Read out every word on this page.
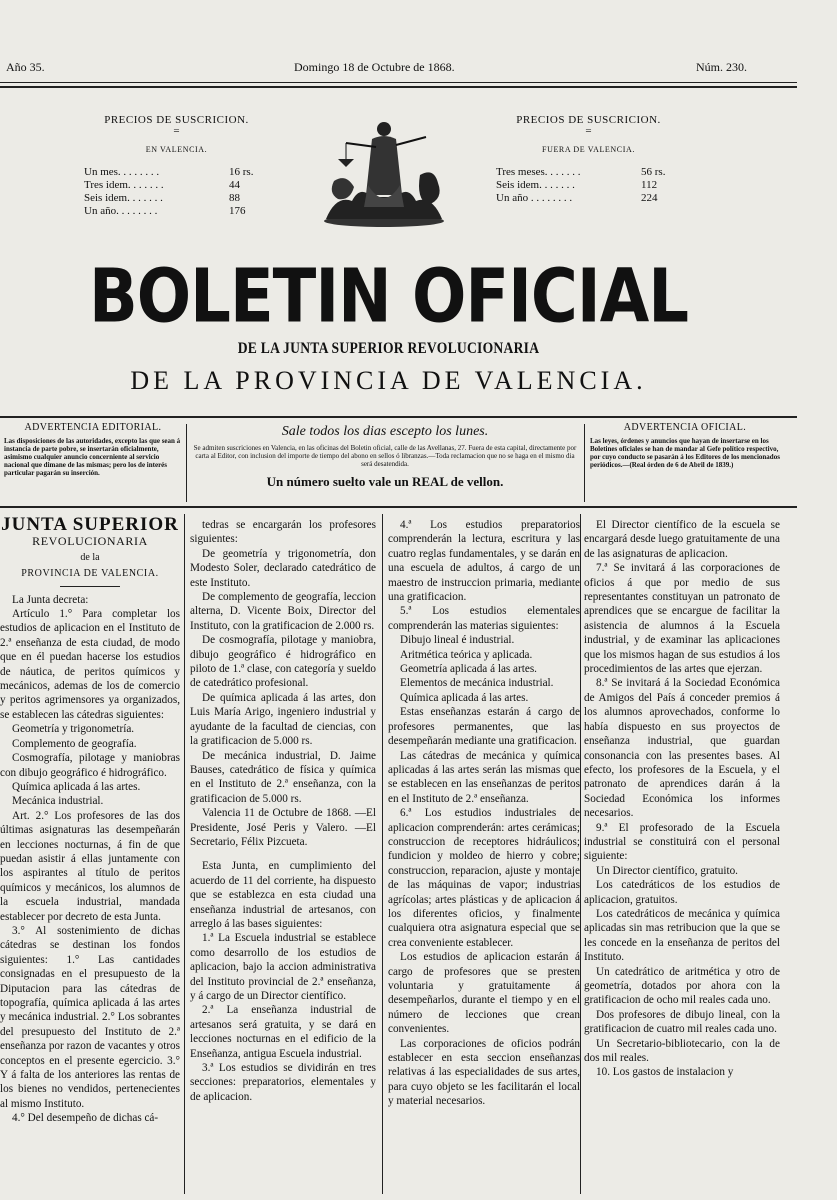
Año 35.	Domingo 18 de Octubre de 1868.	Núm. 230.
PRECIOS DE SUSCRICION.
=
EN VALENCIA.
Un mes. . . . . . . .	16 rs.
Tres idem. . . . . . .	44
Seis idem. . . . . . .	88
Un año. . . . . . . .	176
PRECIOS DE SUSCRICION.
=
FUERA DE VALENCIA.
Tres meses. . . . . . .	56 rs.
Seis idem. . . . . . .	112
Un año . . . . . . . .	224
BOLETIN OFICIAL
DE LA JUNTA SUPERIOR REVOLUCIONARIA
DE LA PROVINCIA DE VALENCIA.
ADVERTENCIA EDITORIAL.
Las disposiciones de las autoridades, excepto las que sean á instancia de parte pobre, se insertarán oficialmente, asimismo cualquier anuncio concerniente al servicio nacional que dimane de las mismas; pero los de interés particular pagarán su inserción.
Sale todos los dias escepto los lunes.
Se admiten suscriciones en Valencia, en las oficinas del Boletin oficial, calle de las Avellanas, 27. Fuera de esta capital, directamente por carta al Editor, con inclusion del importe de tiempo del abono en sellos ó libranzas.—Toda reclamacion que no se haga en el mismo dia será desatendida.
Un número suelto vale un REAL de vellon.
ADVERTENCIA OFICIAL.
Las leyes, órdenes y anuncios que hayan de insertarse en los Boletines oficiales se han de mandar al Gefe político respectivo, por cuyo conducto se pasarán á los Editores de los mencionados periódicos.—(Real órden de 6 de Abril de 1839.)
JUNTA SUPERIOR
REVOLUCIONARIA
de la
PROVINCIA DE VALENCIA.

La Junta decreta:

Artículo 1.° Para completar los estudios de aplicacion en el Instituto de 2.ª enseñanza de esta ciudad, de modo que en él puedan hacerse los estudios de náutica, de peritos químicos y mecánicos, ademas de los de comercio y peritos agrimensores ya organizados, se establecen las cátedras siguientes:

Geometría y trigonometría.

Complemento de geografía.

Cosmografía, pilotage y maniobras con dibujo geográfico é hidrográfico.

Química aplicada á las artes.

Mecánica industrial.

Art. 2.° Los profesores de las dos últimas asignaturas las desempeñarán en lecciones nocturnas, á fin de que puedan asistir á ellas juntamente con los aspirantes al título de peritos químicos y mecánicos, los alumnos de la escuela industrial, mandada establecer por decreto de esta Junta.

3.° Al sostenimiento de dichas cátedras se destinan los fondos siguientes: 1.° Las cantidades consignadas en el presupuesto de la Diputacion para las cátedras de topografía, química aplicada á las artes y mecánica industrial. 2.° Los sobrantes del presupuesto del Instituto de 2.ª enseñanza por razon de vacantes y otros conceptos en el presente egercicio. 3.° Y á falta de los anteriores las rentas de los bienes no vendidos, pertenecientes al mismo Instituto.

4.° Del desempeño de dichas cá-

tedras se encargarán los profesores siguientes:

De geometría y trigonometría, don Modesto Soler, declarado catedrático de este Instituto.

De complemento de geografía, leccion alterna, D. Vicente Boix, Director del Instituto, con la gratificacion de 2.000 rs.

De cosmografía, pilotage y maniobra, dibujo geográfico é hidrográfico en piloto de 1.ª clase, con categoría y sueldo de catedrático profesional.

De química aplicada á las artes, don Luis María Arigo, ingeniero industrial y ayudante de la facultad de ciencias, con la gratificacion de 5.000 rs.

De mecánica industrial, D. Jaime Bauses, catedrático de física y química en el Instituto de 2.ª enseñanza, con la gratificacion de 5.000 rs.

Valencia 11 de Octubre de 1868. —El Presidente, José Peris y Valero. —El Secretario, Félix Pizcueta.

Esta Junta, en cumplimiento del acuerdo de 11 del corriente, ha dispuesto que se establezca en esta ciudad una enseñanza industrial de artesanos, con arreglo á las bases siguientes:

1.ª La Escuela industrial se establece como desarrollo de los estudios de aplicacion, bajo la accion administrativa del Instituto provincial de 2.ª enseñanza, y á cargo de un Director científico.

2.ª La enseñanza industrial de artesanos será gratuita, y se dará en lecciones nocturnas en el edificio de la Enseñanza, antigua Escuela industrial.

3.ª Los estudios se dividirán en tres secciones: preparatorios, elementales y de aplicacion.

4.ª Los estudios preparatorios comprenderán la lectura, escritura y las cuatro reglas fundamentales, y se darán en una escuela de adultos, á cargo de un maestro de instruccion primaria, mediante una gratificacion.

5.ª Los estudios elementales comprenderán las materias siguientes:

Dibujo lineal é industrial.

Aritmética teórica y aplicada.

Geometría aplicada á las artes.

Elementos de mecánica industrial.

Química aplicada á las artes.

Estas enseñanzas estarán á cargo de profesores permanentes, que las desempeñarán mediante una gratificacion.

Las cátedras de mecánica y química aplicadas á las artes serán las mismas que se establecen en las enseñanzas de peritos en el Instituto de 2.ª enseñanza.

6.ª Los estudios industriales de aplicacion comprenderán: artes cerámicas; construccion de receptores hidráulicos; fundicion y moldeo de hierro y cobre; construccion, reparacion, ajuste y montaje de las máquinas de vapor; industrias agrícolas; artes plásticas y de aplicacion á los diferentes oficios, y finalmente cualquiera otra asignatura especial que se crea conveniente establecer.

Los estudios de aplicacion estarán á cargo de profesores que se presten voluntaria y gratuitamente á desempeñarlos, durante el tiempo y en el número de lecciones que crean convenientes.

Las corporaciones de oficios podrán establecer en esta seccion enseñanzas relativas á las especialidades de sus artes, para cuyo objeto se les facilitarán el local y material necesarios.

El Director científico de la escuela se encargará desde luego gratuitamente de una de las asignaturas de aplicacion.

7.ª Se invitará á las corporaciones de oficios á que por medio de sus representantes constituyan un patronato de aprendices que se encargue de facilitar la asistencia de alumnos á la Escuela industrial, y de examinar las aplicaciones que los mismos hagan de sus estudios á los procedimientos de las artes que ejerzan.

8.ª Se invitará á la Sociedad Económica de Amigos del País á conceder premios á los alumnos aprovechados, conforme lo había dispuesto en sus proyectos de enseñanza industrial, que guardan consonancia con las presentes bases. Al efecto, los profesores de la Escuela, y el patronato de aprendices darán á la Sociedad Económica los informes necesarios.

9.ª El profesorado de la Escuela industrial se constituirá con el personal siguiente:

Un Director científico, gratuito.

Los catedráticos de los estudios de aplicacion, gratuitos.

Los catedráticos de mecánica y química aplicadas sin mas retribucion que la que se les concede en la enseñanza de peritos del Instituto.

Un catedrático de aritmética y otro de geometría, dotados por ahora con la gratificacion de ocho mil reales cada uno.

Dos profesores de dibujo lineal, con la gratificacion de cuatro mil reales cada uno.

Un Secretario-bibliotecario, con la de dos mil reales.

10. Los gastos de instalacion y
